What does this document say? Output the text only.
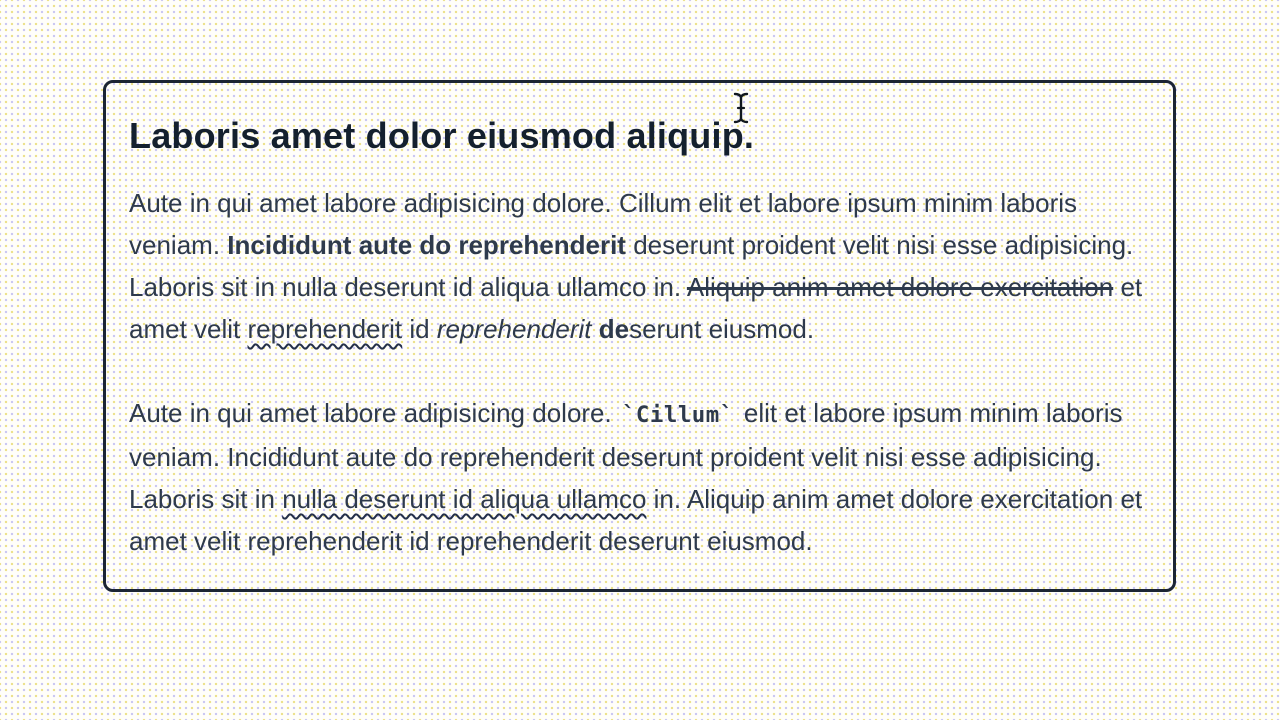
Laboris amet dolor eiusmod aliquip.

Aute in qui amet labore adipisicing dolore. Cillum elit et labore ipsum minim laboris veniam. Incididunt aute do reprehenderit deserunt proident velit nisi esse adipisicing. Laboris sit in nulla deserunt id aliqua ullamco in. Aliquip anim amet dolore exercitation et amet velit reprehenderit id reprehenderit deserunt eiusmod.

Aute in qui amet labore adipisicing dolore. `Cillum` elit et labore ipsum minim laboris veniam. Incididunt aute do reprehenderit deserunt proident velit nisi esse adipisicing. Laboris sit in nulla deserunt id aliqua ullamco in. Aliquip anim amet dolore exercitation et amet velit reprehenderit id reprehenderit deserunt eiusmod.
